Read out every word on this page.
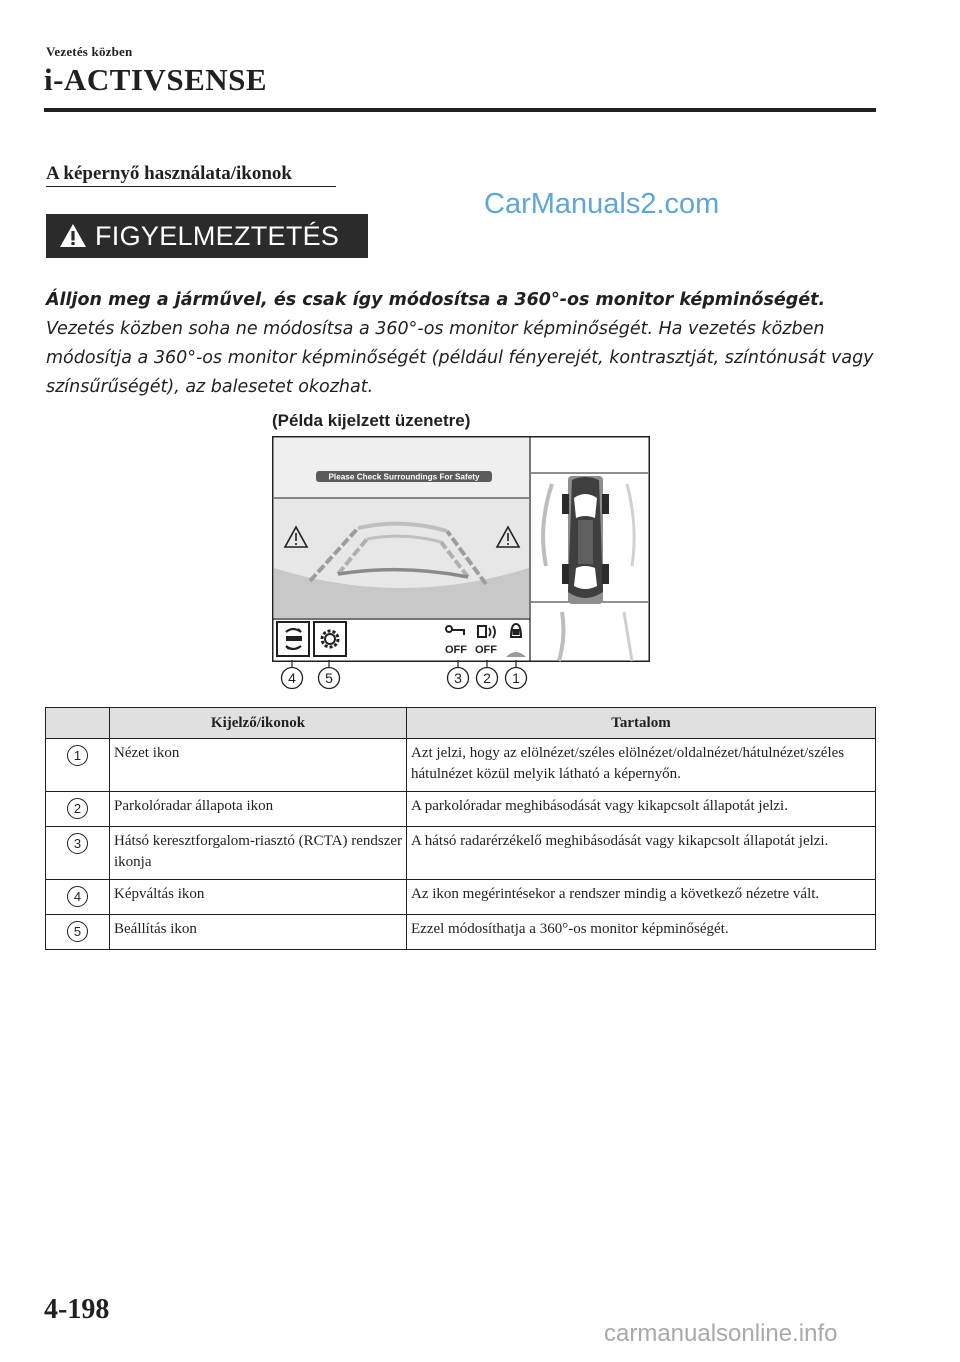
Vezetés közben
i-ACTIVSENSE
A képernyő használata/ikonok
CarManuals2.com
FIGYELMEZTETÉS
Álljon meg a járművel, és csak így módosítsa a 360°-os monitor képminőségét.
Vezetés közben soha ne módosítsa a 360°-os monitor képminőségét. Ha vezetés közben módosítja a 360°-os monitor képminőségét (például fényerejét, kontrasztját, színtónusát vagy színsűrűségét), az balesetet okozhat.
(Példa kijelzett üzenetre)
Please Check Surroundings For Safety
OFF OFF
4 5	3 2 1
	Kijelző/ikonok	Tartalom
1	Nézet ikon	Azt jelzi, hogy az elölnézet/széles elölnézet/oldalnézet/hátulnézet/széles hátulnézet közül melyik látható a képernyőn.
2	Parkolóradar állapota ikon	A parkolóradar meghibásodását vagy kikapcsolt állapotát jelzi.
3	Hátsó keresztforgalom-riasztó (RCTA) rendszer ikonja	A hátsó radarérzékelő meghibásodását vagy kikapcsolt állapotát jelzi.
4	Képváltás ikon	Az ikon megérintésekor a rendszer mindig a következő nézetre vált.
5	Beállítás ikon	Ezzel módosíthatja a 360°-os monitor képminőségét.
4-198
carmanualsonline.info
